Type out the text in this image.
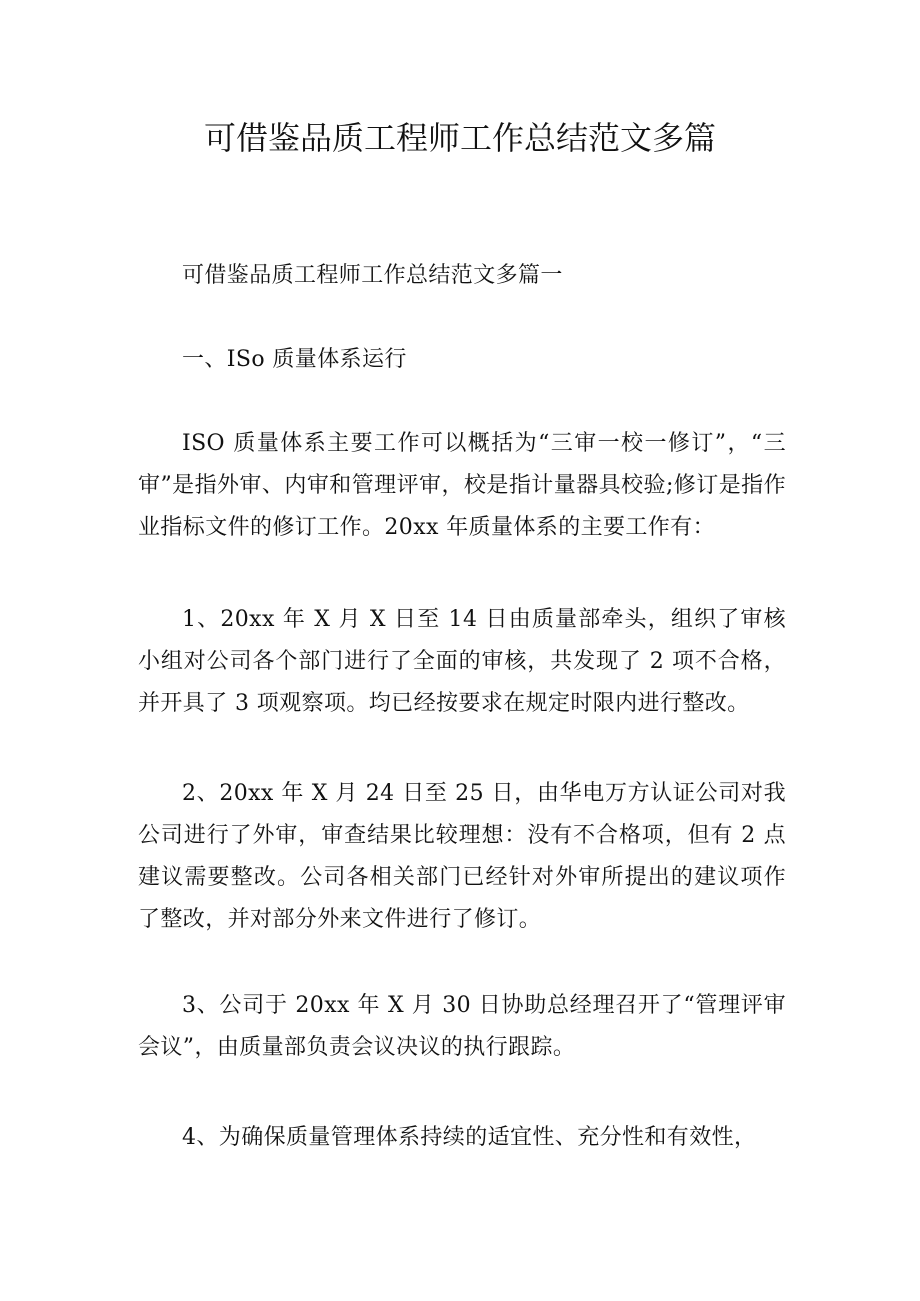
可借鉴品质工程师工作总结范文多篇

可借鉴品质工程师工作总结范文多篇一

一、ISo 质量体系运行

ISO 质量体系主要工作可以概括为“三审一校一修订”，“三审”是指外审、内审和管理评审，校是指计量器具校验;修订是指作业指标文件的修订工作。20xx 年质量体系的主要工作有：

1、20xx 年 X 月 X 日至 14 日由质量部牵头，组织了审核小组对公司各个部门进行了全面的审核，共发现了 2 项不合格，并开具了 3 项观察项。均已经按要求在规定时限内进行整改。

2、20xx 年 X 月 24 日至 25 日，由华电万方认证公司对我公司进行了外审，审查结果比较理想：没有不合格项，但有 2 点建议需要整改。公司各相关部门已经针对外审所提出的建议项作了整改，并对部分外来文件进行了修订。

3、公司于 20xx 年 X 月 30 日协助总经理召开了“管理评审会议”，由质量部负责会议决议的执行跟踪。

4、为确保质量管理体系持续的适宜性、充分性和有效性，
